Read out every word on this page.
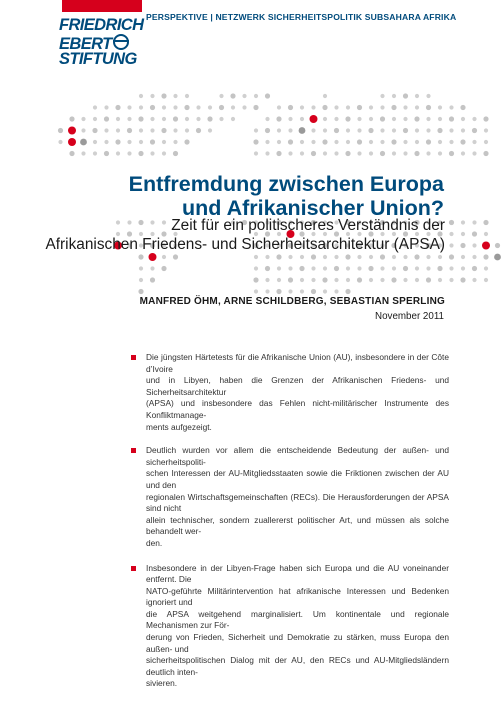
PERSPEKTIVE | NETZWERK SICHERHEITSPOLITIK SUBSAHARA AFRIKA
FRIEDRICH
EBERT
STIFTUNG
Entfremdung zwischen Europa
und Afrikanischer Union?
Zeit für ein politischeres Verständnis der
Afrikanischen Friedens- und Sicherheitsarchitektur (APSA)
MANFRED ÖHM, ARNE SCHILDBERG, SEBASTIAN SPERLING
November 2011
Die jüngsten Härtetests für die Afrikanische Union (AU), insbesondere in der Côte d’Ivoire
und in Libyen, haben die Grenzen der Afrikanischen Friedens- und Sicherheitsarchitektur
(APSA) und insbesondere das Fehlen nicht-militärischer Instrumente des Konfliktmanage-
ments aufgezeigt.
Deutlich wurden vor allem die entscheidende Bedeutung der außen- und sicherheitspoliti-
schen Interessen der AU-Mitgliedsstaaten sowie die Friktionen zwischen der AU und den
regionalen Wirtschaftsgemeinschaften (RECs). Die Herausforderungen der APSA sind nicht
allein technischer, sondern zuallererst politischer Art, und müssen als solche behandelt wer-
den.
Insbesondere in der Libyen-Frage haben sich Europa und die AU voneinander entfernt. Die
NATO-geführte Militärintervention hat afrikanische Interessen und Bedenken ignoriert und
die APSA weitgehend marginalisiert. Um kontinentale und regionale Mechanismen zur För-
derung von Frieden, Sicherheit und Demokratie zu stärken, muss Europa den außen- und
sicherheitspolitischen Dialog mit der AU, den RECs und AU-Mitgliedsländern deutlich inten-
sivieren.
